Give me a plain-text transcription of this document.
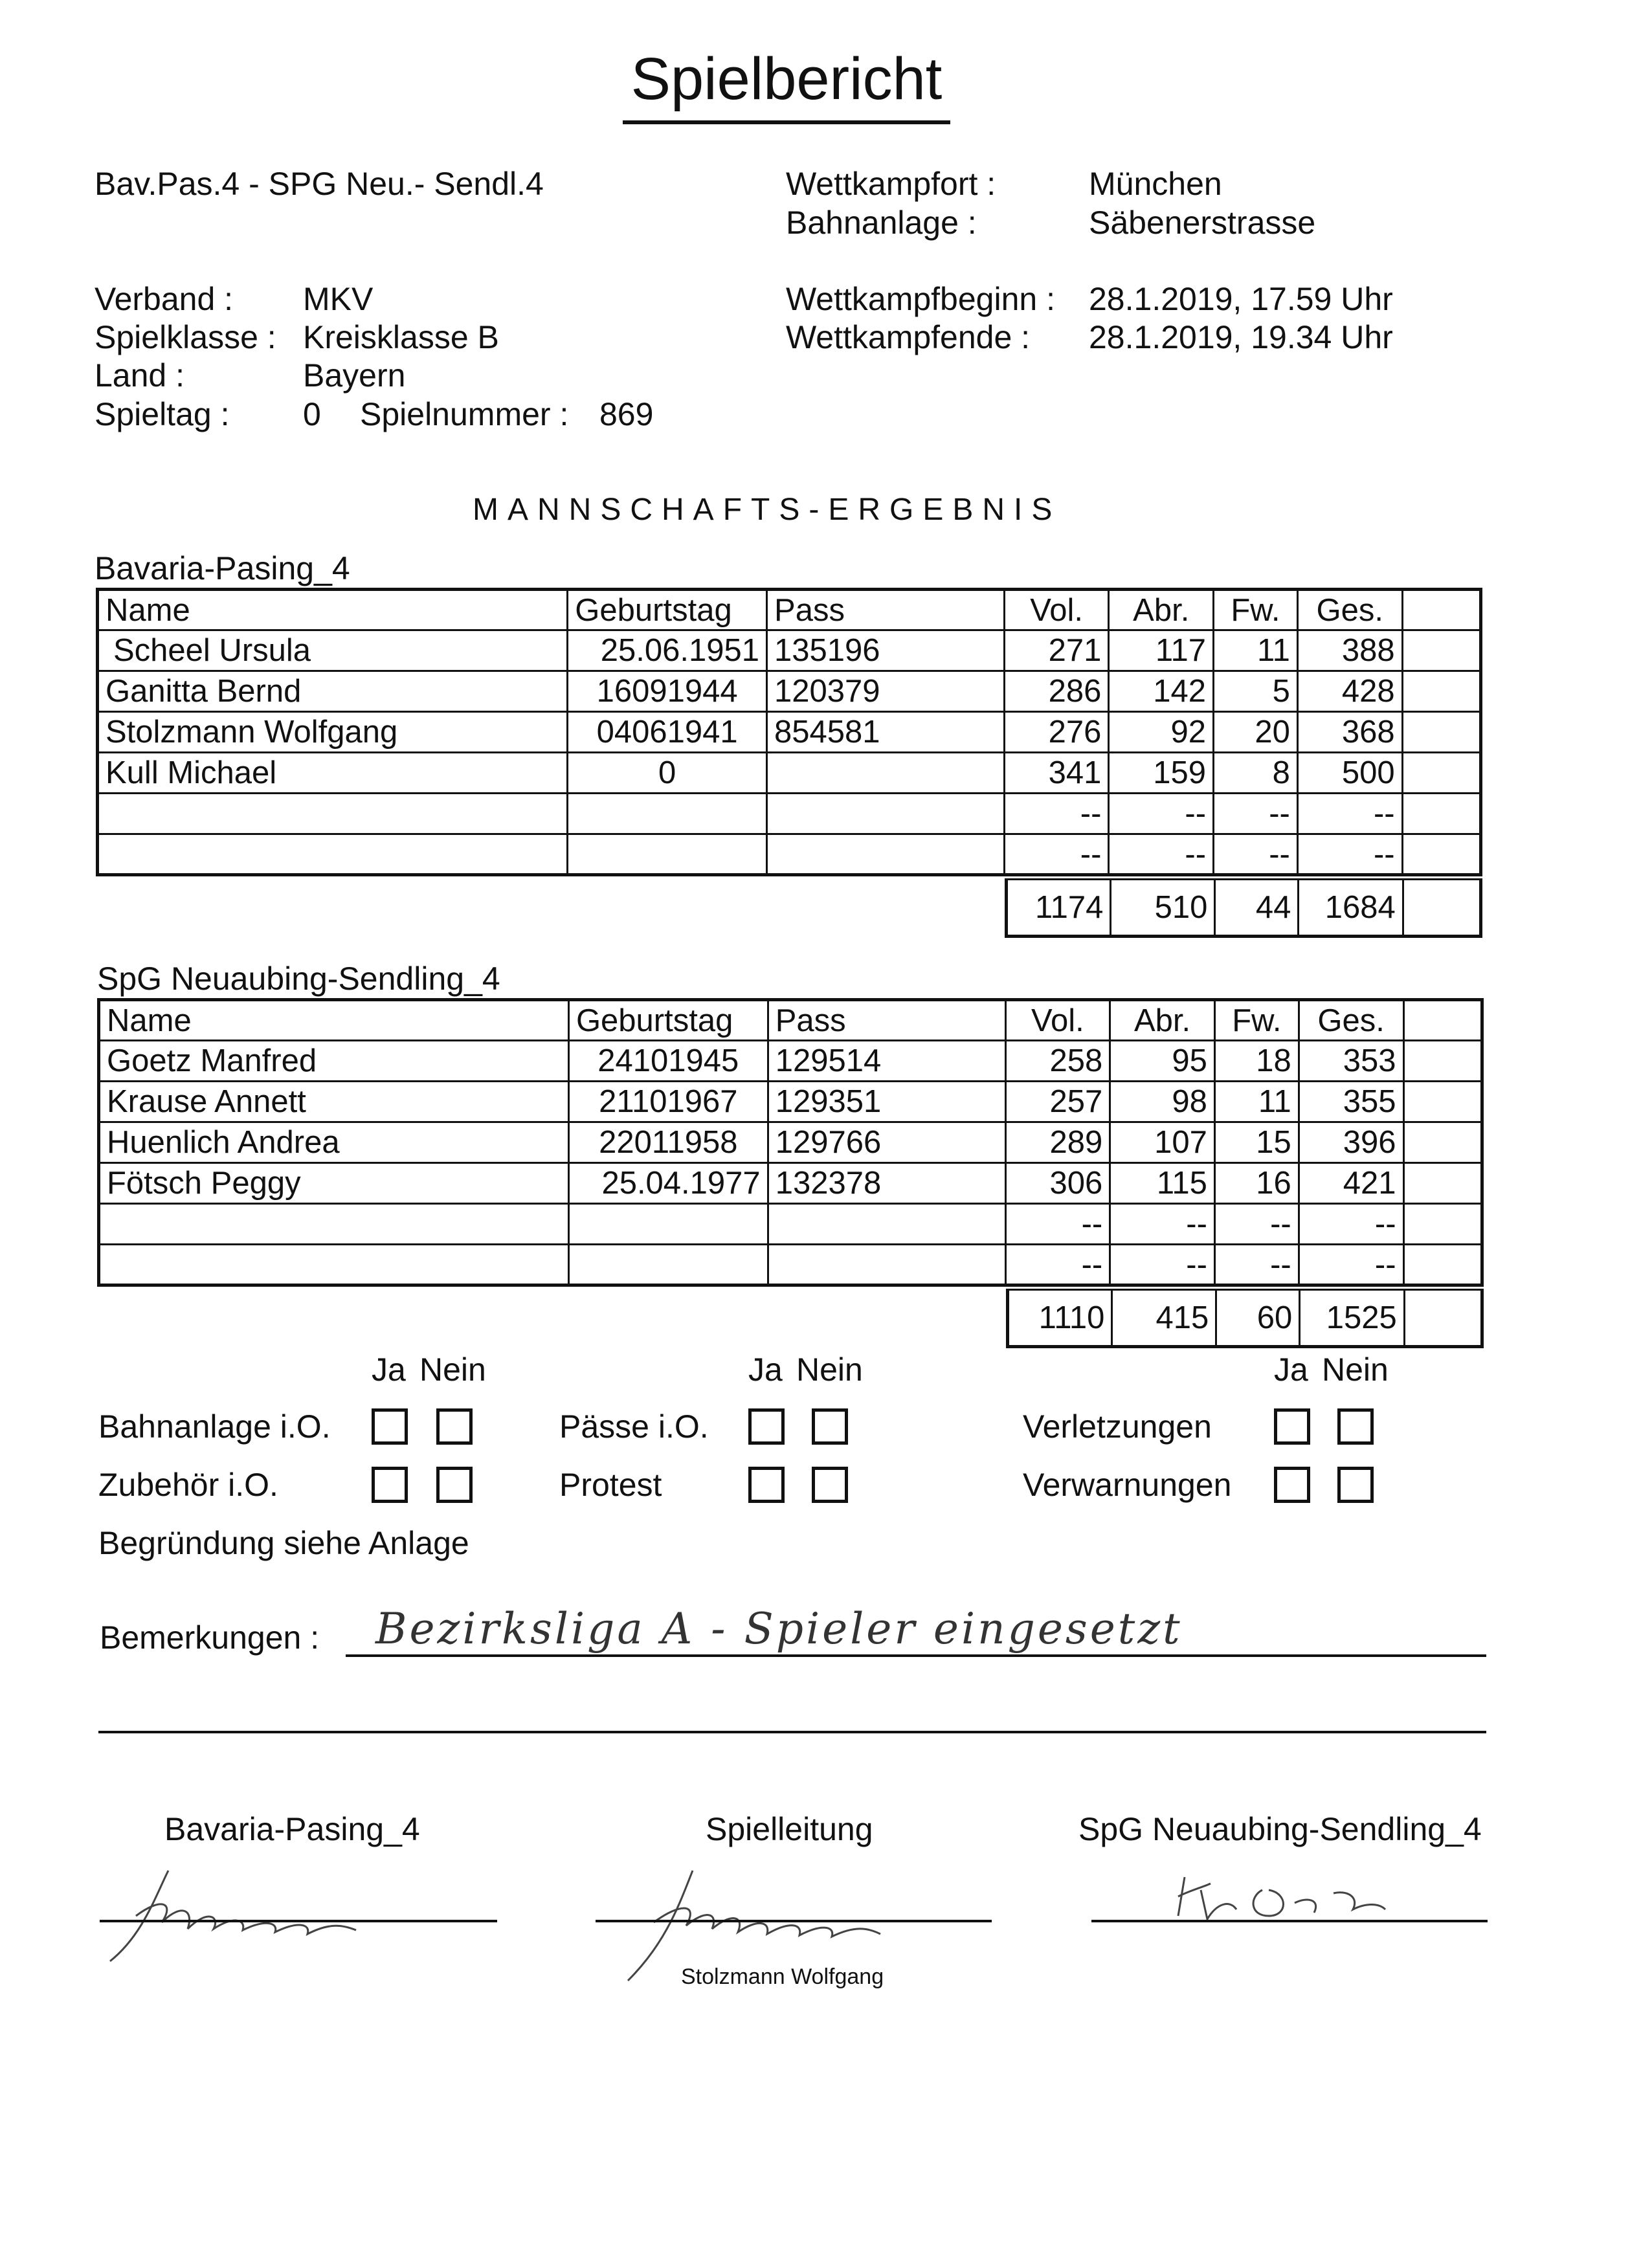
Spielbericht
Bav.Pas.4 - SPG Neu.- Sendl.4
Verband : MKV
Spielklasse : Kreisklasse B
Land :	Bayern
Spieltag : 0 Spielnummer : 869
Wettkampfort :	München
Bahnanlage :	Säbenerstrasse
Wettkampfbeginn : 28.1.2019, 17.59 Uhr
Wettkampfende : 28.1.2019, 19.34 Uhr
MANNSCHAFTS-ERGEBNIS
Bavaria-Pasing_4
Name	Geburtstag	Pass	Vol.	Abr.	Fw.	Ges.	
Scheel Ursula	25.06.1951	135196	271	117	11	388	
Ganitta Bernd	16091944	120379	286	142	5	428	
Stolzmann Wolfgang	04061941	854581	276	92	20	368	
Kull Michael	0		341	159	8	500	
			--	--	--	--	
			--	--	--	--	
1174	510	44	1684	
SpG Neuaubing-Sendling_4
Name	Geburtstag	Pass	Vol.	Abr.	Fw.	Ges.	
Goetz Manfred	24101945	129514	258	95	18	353	
Krause Annett	21101967	129351	257	98	11	355	
Huenlich Andrea	22011958	129766	289	107	15	396	
Fötsch Peggy	25.04.1977	132378	306	115	16	421	
			--	--	--	--	
			--	--	--	--	
1110	415	60	1525	
Ja Nein	Ja Nein	Ja Nein
Bahnanlage i.O.	Pässe i.O.	Verletzungen
Zubehör i.O.	Protest	Verwarnungen
Begründung siehe Anlage
Bemerkungen : Bezirksliga A - Spieler eingesetzt
Bavaria-Pasing_4	Spielleitung	SpG Neuaubing-Sendling_4
Stolzmann Wolfgang
